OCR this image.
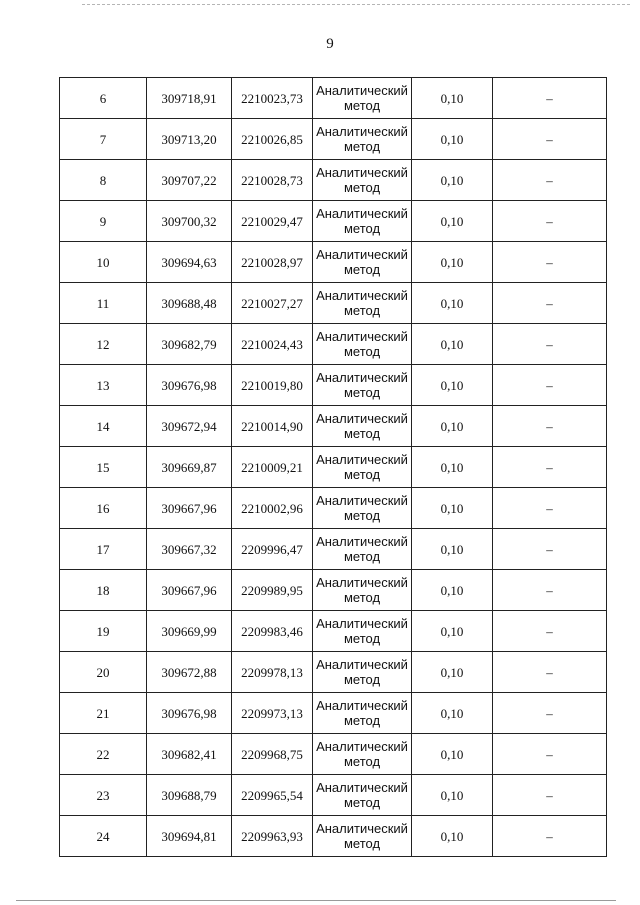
9
6	309718,91	2210023,73	Аналитический
метод	0,10	–
7	309713,20	2210026,85	Аналитический
метод	0,10	–
8	309707,22	2210028,73	Аналитический
метод	0,10	–
9	309700,32	2210029,47	Аналитический
метод	0,10	–
10	309694,63	2210028,97	Аналитический
метод	0,10	–
11	309688,48	2210027,27	Аналитический
метод	0,10	–
12	309682,79	2210024,43	Аналитический
метод	0,10	–
13	309676,98	2210019,80	Аналитический
метод	0,10	–
14	309672,94	2210014,90	Аналитический
метод	0,10	–
15	309669,87	2210009,21	Аналитический
метод	0,10	–
16	309667,96	2210002,96	Аналитический
метод	0,10	–
17	309667,32	2209996,47	Аналитический
метод	0,10	–
18	309667,96	2209989,95	Аналитический
метод	0,10	–
19	309669,99	2209983,46	Аналитический
метод	0,10	–
20	309672,88	2209978,13	Аналитический
метод	0,10	–
21	309676,98	2209973,13	Аналитический
метод	0,10	–
22	309682,41	2209968,75	Аналитический
метод	0,10	–
23	309688,79	2209965,54	Аналитический
метод	0,10	–
24	309694,81	2209963,93	Аналитический
метод	0,10	–
